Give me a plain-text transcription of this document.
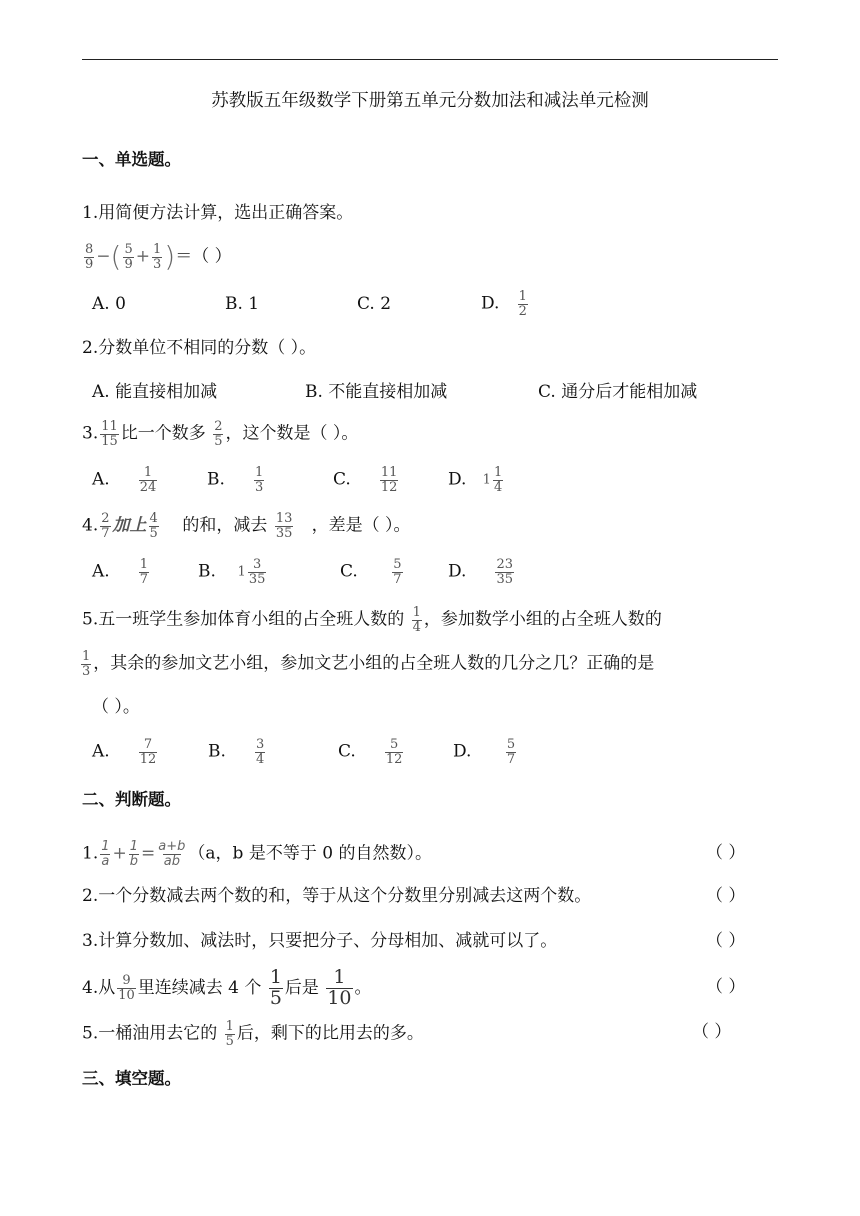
苏教版五年级数学下册第五单元分数加法和减法单元检测
一、单选题。
1.用简便方法计算，选出正确答案。
$\frac{8}{9}$ −( $\frac{5}{9} + \frac{1}{3}$ )＝（ ）
A. 0	B. 1	C. 2	D. $\frac{1}{2}$
2.分数单位不相同的分数（ ）。
A. 能直接相加减	B. 不能直接相加减	C. 通分后才能相加减
3. $\frac{11}{15}$ 比一个数多 $\frac{2}{5}$ ，这个数是（ ）。
A. $\frac{1}{24}$	B. $\frac{1}{3}$	C. $\frac{11}{12}$	D. $1 \frac{1}{4}$
4. $\frac{2}{7}$ 加上 $\frac{4}{5}$ 的和，减去 $\frac{13}{35}$ ，差是（ ）。
A. $\frac{1}{7}$	B. $1 \frac{3}{35}$	C.	$\frac{5}{7}$	D. $\frac{23}{35}$
5.五一班学生参加体育小组的占全班人数的 $\frac{1}{4}$ ，参加数学小组的占全班人数的
$\frac{1}{3}$ ，其余的参加文艺小组，参加文艺小组的占全班人数的几分之几？正确的是
（ ）。
A. $\frac{7}{12}$	B. $\frac{3}{4}$	C. $\frac{5}{12}$	D.	$\frac{5}{7}$
二、判断题。
1. $\frac{1}{a} + \frac{1}{b} = \frac{a+b}{ab} (a$，b 是不等于 0 的自然数）。	（ ）
2.一个分数减去两个数的和，等于从这个分数里分别减去这两个数。	（ ）
3.计算分数加、减法时，只要把分子、分母相加、减就可以了。	（ ）
4.从 $\frac{9}{10}$ 里连续减去 4 个 $\frac{1}{5}$ 后是 $\frac{1}{10}$ 。	（ ）
5.一桶油用去它的 $\frac{1}{5}$ 后，剩下的比用去的多。	（ ）
三、填空题。
